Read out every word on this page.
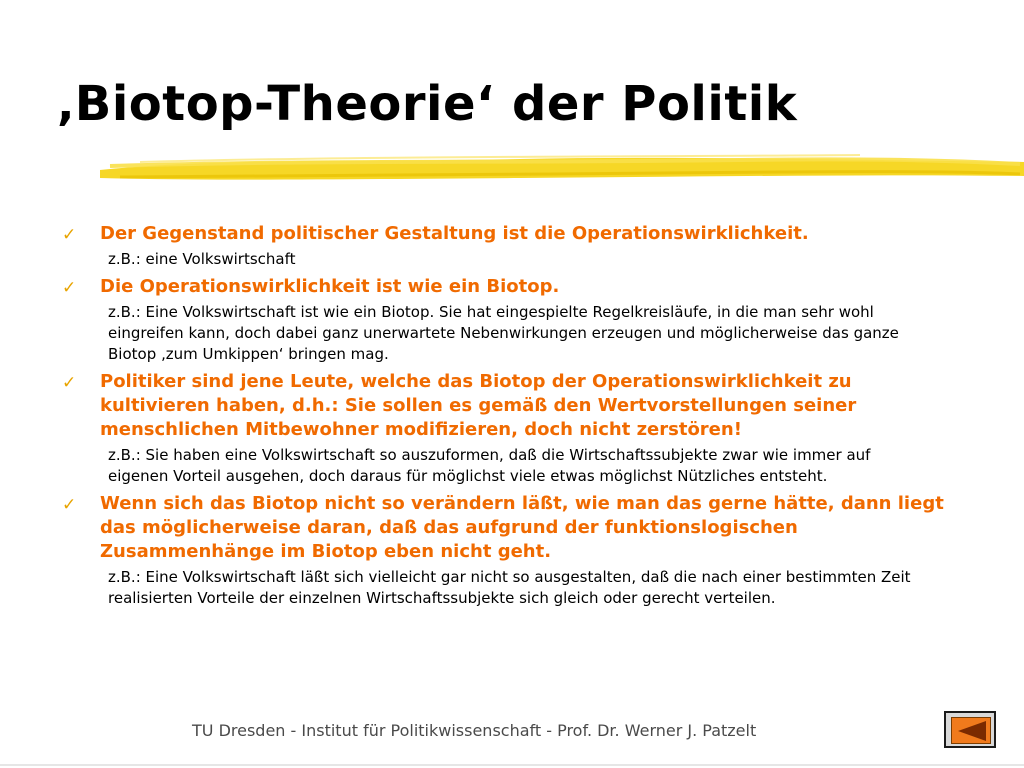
‚Biotop-Theorie‘ der Politik
✓ Der Gegenstand politischer Gestaltung ist die Operationswirklichkeit.
z.B.: eine Volkswirtschaft
✓ Die Operationswirklichkeit ist wie ein Biotop.
z.B.: Eine Volkswirtschaft ist wie ein Biotop. Sie hat eingespielte Regelkreisläufe, in die man sehr wohl eingreifen kann, doch dabei ganz unerwartete Nebenwirkungen erzeugen und möglicherweise das ganze Biotop ‚zum Umkippen‘ bringen mag.
✓ Politiker sind jene Leute, welche das Biotop der Operationswirklichkeit zu kultivieren haben, d.h.: Sie sollen es gemäß den Wertvorstellungen seiner menschlichen Mitbewohner modifizieren, doch nicht zerstören!
z.B.: Sie haben eine Volkswirtschaft so auszuformen, daß die Wirtschaftssubjekte zwar wie immer auf eigenen Vorteil ausgehen, doch daraus für möglichst viele etwas möglichst Nützliches entsteht.
✓ Wenn sich das Biotop nicht so verändern läßt, wie man das gerne hätte, dann liegt das möglicherweise daran, daß das aufgrund der funktionslogischen Zusammenhänge im Biotop eben nicht geht.
z.B.: Eine Volkswirtschaft läßt sich vielleicht gar nicht so ausgestalten, daß die nach einer bestimmten Zeit realisierten Vorteile der einzelnen Wirtschaftssubjekte sich gleich oder gerecht verteilen.
TU Dresden - Institut für Politikwissenschaft - Prof. Dr. Werner J. Patzelt
